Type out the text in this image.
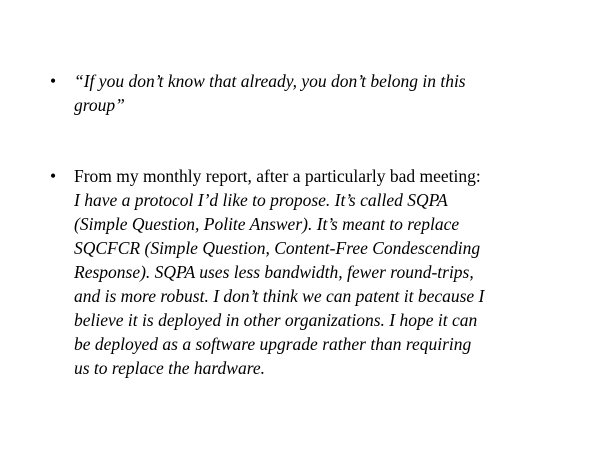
•	“If you don’t know that already, you don’t belong in this
group”
•	From my monthly report, after a particularly bad meeting:
I have a protocol I’d like to propose. It’s called SQPA
(Simple Question, Polite Answer). It’s meant to replace
SQCFCR (Simple Question, Content-Free Condescending
Response). SQPA uses less bandwidth, fewer round-trips,
and is more robust. I don’t think we can patent it because I
believe it is deployed in other organizations. I hope it can
be deployed as a software upgrade rather than requiring
us to replace the hardware.
